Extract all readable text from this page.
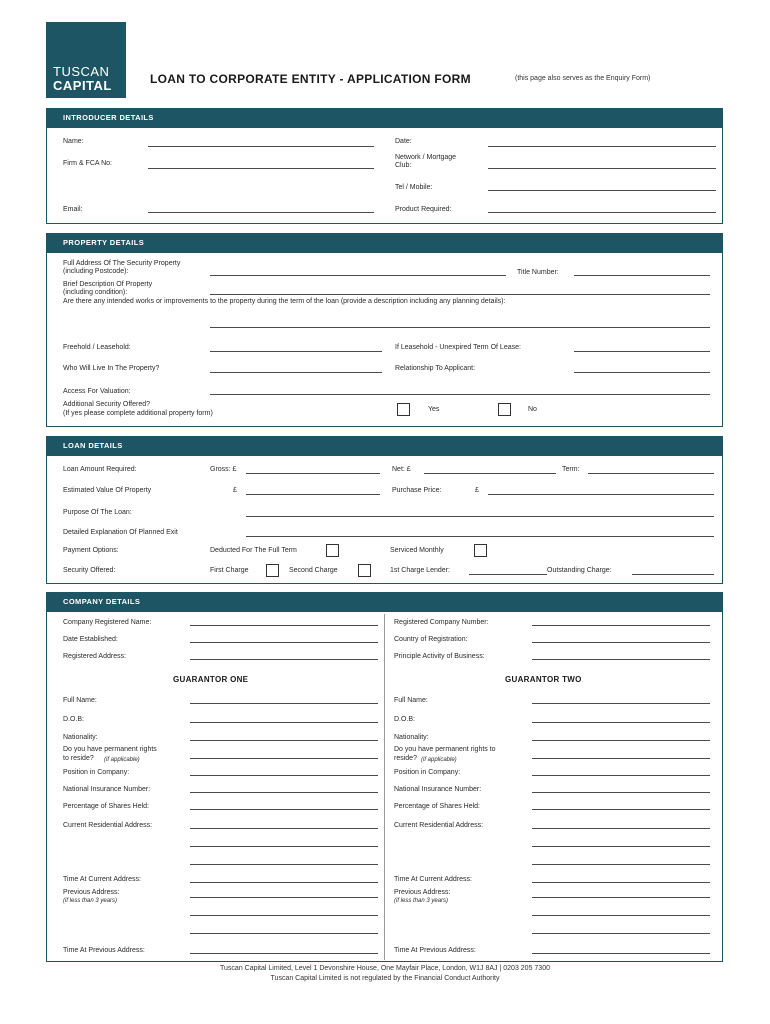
TUSCAN
CAPITAL	LOAN TO CORPORATE ENTITY - APPLICATION FORM	(this page also serves as the Enquiry Form)
INTRODUCER DETAILS
Name:	Date:
Firm & FCA No:
Network / Mortgage
Club:
Tel / Mobile:
Email:	Product Required:
PROPERTY DETAILS
Full Address Of The Security Property
(including Postcode):	Title Number:
Brief Description Of Property
(including condition):
Are there any intended works or improvements to the property during the term of the loan (provide a description including any planning details):
Freehold / Leasehold:	If Leasehold - Unexpired Term Of Lease:
Who Will Live In The Property?	Relationship To Applicant:
Access For Valuation:
Additional Security Offered?
(If yes please complete additional property form)
Yes	No
LOAN DETAILS
Loan Amount Required:	Gross: £	Net: £	Term:
Estimated Value Of Property	£	Purchase Price:	£
Purpose Of The Loan:
Detailed Explanation Of Planned Exit
Payment Options:	Deducted For The Full Term	Serviced Monthly
Security Offered:	First Charge	Second Charge	1st Charge Lender:	Outstanding Charge:
COMPANY DETAILS
Company Registered Name:	Registered Company Number:
Date Established:	Country of Registration:
Registered Address:	Principle Activity of Business:
GUARANTOR ONE
Full Name:
D.O.B:
Nationality:
Do you have permanent rights
to reside? (if applicable)
Position in Company:
National Insurance Number:
Percentage of Shares Held:
Current Residential Address:
Time At Current Address:
Previous Address:
(if less than 3 years)
Time At Previous Address:
GUARANTOR TWO
Full Name:
D.O.B:
Nationality:
Do you have permanent rights to
reside? (if applicable)
Position in Company:
National Insurance Number:
Percentage of Shares Held:
Current Residential Address:
Time At Current Address:
Previous Address:
(if less than 3 years)
Time At Previous Address:
Tuscan Capital Limited, Level 1 Devonshire House, One Mayfair Place, London, W1J 8AJ | 0203 205 7300
Tuscan Capital Limited is not regulated by the Financial Conduct Authority
